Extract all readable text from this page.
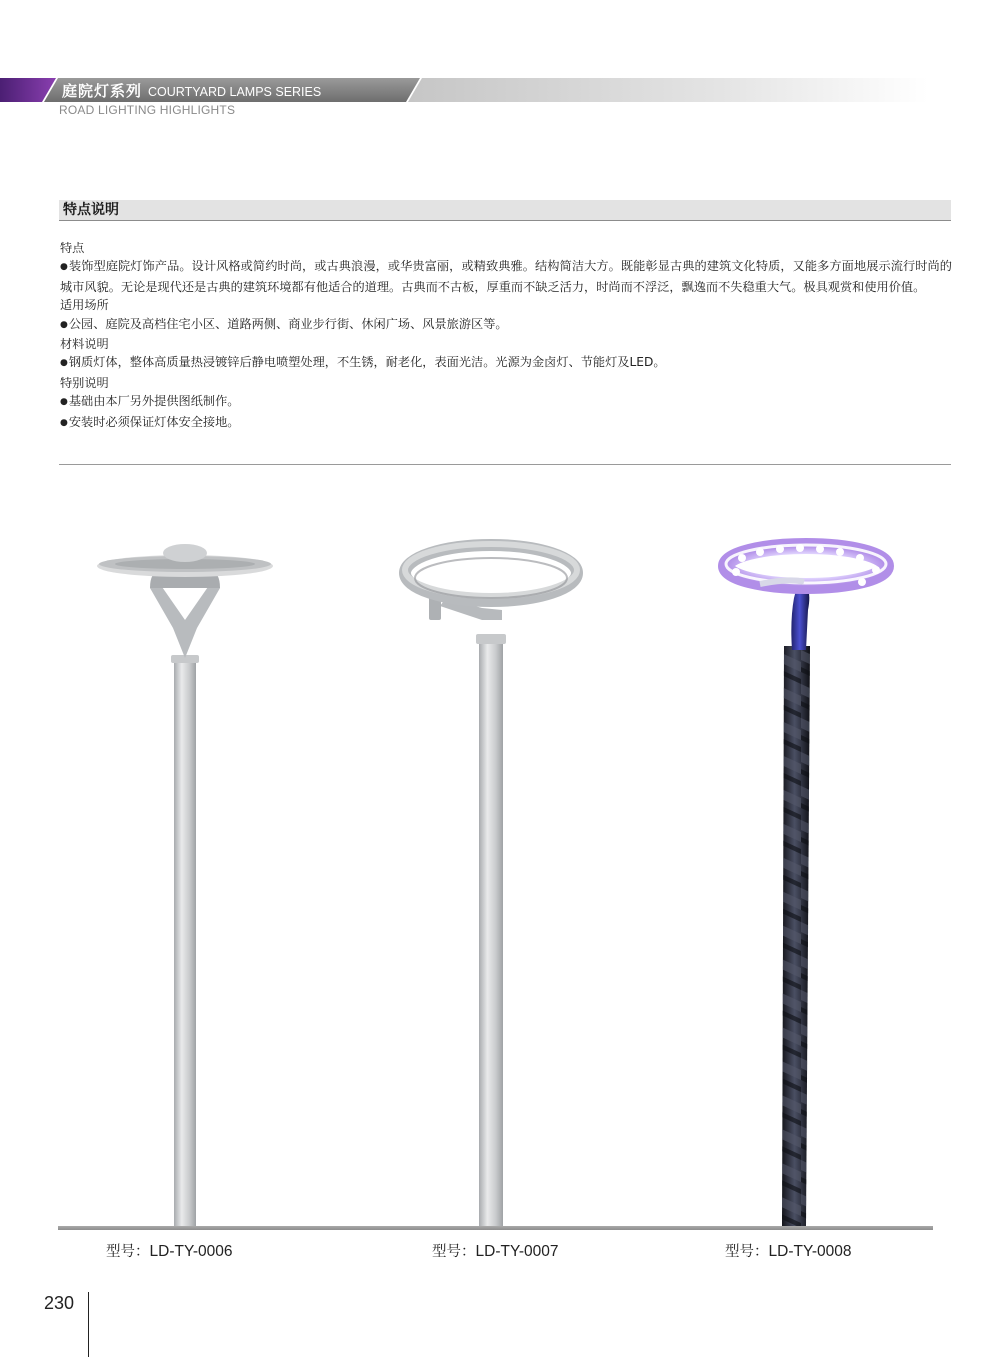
庭院灯系列 COURTYARD LAMPS SERIES
ROAD LIGHTING HIGHLIGHTS
特点说明

特点

● 装饰型庭院灯饰产品。设计风格或简约时尚，或古典浪漫，或华贵富丽，或精致典雅。结构简洁大方。既能彰显古典的建筑文化特质，又能多方面地展示流行时尚的城市风貌。无论是现代还是古典的建筑环境都有他适合的道理。古典而不古板，厚重而不缺乏活力，时尚而不浮泛，飘逸而不失稳重大气。极具观赏和使用价值。

适用场所

● 公园、庭院及高档住宅小区、道路两侧、商业步行街、休闲广场、风景旅游区等。

材料说明

● 钢质灯体，整体高质量热浸镀锌后静电喷塑处理，不生锈，耐老化，表面光洁。光源为金卤灯、节能灯及LED。

特别说明

● 基础由本厂另外提供图纸制作。

● 安装时必须保证灯体安全接地。

型号：LD-TY-0006	型号：LD-TY-0007	型号：LD-TY-0008
230
